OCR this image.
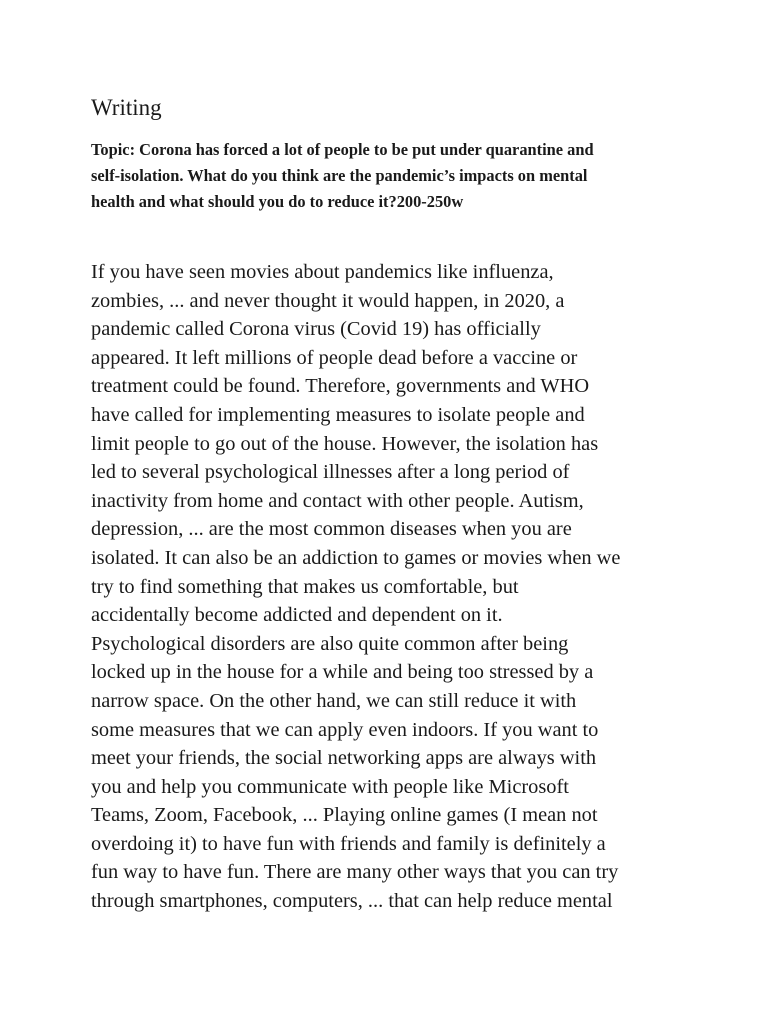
Writing

Topic: Corona has forced a lot of people to be put under quarantine and
self-isolation. What do you think are the pandemic’s impacts on mental
health and what should you do to reduce it?200-250w

If you have seen movies about pandemics like influenza,
zombies, ... and never thought it would happen, in 2020, a
pandemic called Corona virus (Covid 19) has officially
appeared. It left millions of people dead before a vaccine or
treatment could be found. Therefore, governments and WHO
have called for implementing measures to isolate people and
limit people to go out of the house. However, the isolation has
led to several psychological illnesses after a long period of
inactivity from home and contact with other people. Autism,
depression, ... are the most common diseases when you are
isolated. It can also be an addiction to games or movies when we
try to find something that makes us comfortable, but
accidentally become addicted and dependent on it.
Psychological disorders are also quite common after being
locked up in the house for a while and being too stressed by a
narrow space. On the other hand, we can still reduce it with
some measures that we can apply even indoors. If you want to
meet your friends, the social networking apps are always with
you and help you communicate with people like Microsoft
Teams, Zoom, Facebook, ... Playing online games (I mean not
overdoing it) to have fun with friends and family is definitely a
fun way to have fun. There are many other ways that you can try
through smartphones, computers, ... that can help reduce mental
